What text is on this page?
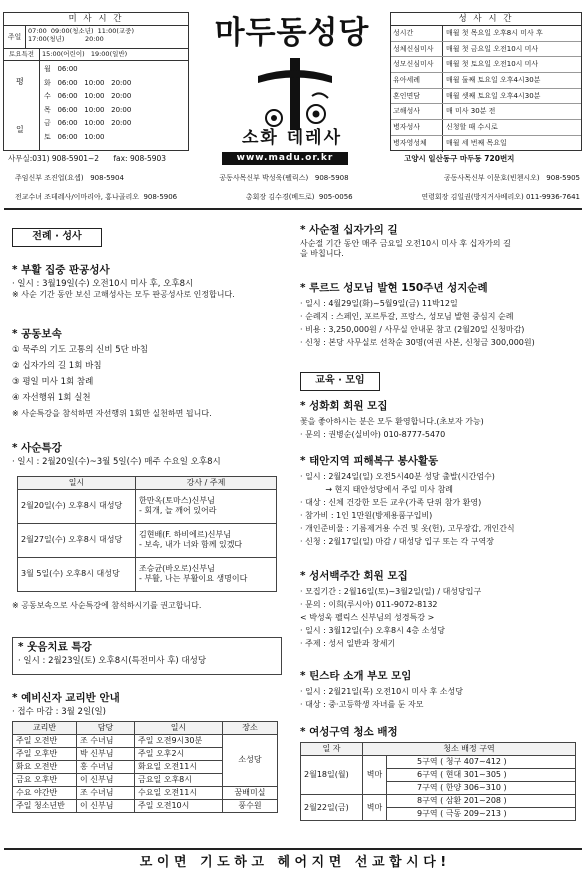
미 사 시 간
주일
07:00  09:00(청소년)  11:00(교중)
17:00(청년)          20:00
토요특전	15:00(어린이)   19:00(일반)
평
일
월 06:00
화 06:00   10:00   20:00
수 06:00   10:00   20:00
목 06:00   10:00   20:00
금 06:00   10:00   20:00
토 06:00   10:00
마두동성당
소화 데레사
www.madu.or.kr
성 사 시 간
성시간	매월 첫 목요일 오후8시 미사 후
성체신심미사	매월 첫 금요일 오전10시 미사
성모신심미사	매월 첫 토요일 오전10시 미사
유아세례	매월 둘째 토요일 오후4시30분
혼인면담	매월 셋째 토요일 오후4시30분
고해성사	매 미사 30분 전
병자성사	신청할 때 수시로
병자영성체	매월 세 번째 목요일
사무실:031) 908-5901~2      fax: 908-5903	고양시 일산동구 마두동 720번지
주임신부 조진업(요셉)   908-5904	공동사목신부 박성욱(펠릭스)   908-5908	공동사목신부 이문호(빈첸시오)   908-5905
전교수녀 조데레사/이마리아, 홍나골리오  908-5906	총회장 김수경(베드로)  905-0056	연령회장 김일권(방지거사베리오) 011-9936-7641
전례 · 성사
* 부활 집중 판공성사
· 일시 : 3월19일(수) 오전10시 미사 후, 오후8시
※ 사순 기간 동안 보신 고해성사는 모두 판공성사로 인정합니다.
* 공동보속
① 묵주의 기도 고통의 신비 5단 바침
② 십자가의 길 1회 바침
③ 평일 미사 1회 참례
④ 자선행위 1회 실천
※ 사순특강을 참석하면 자선행위 1회만 실천하면 됩니다.
* 사순특강
· 일시 : 2월20일(수)~3월 5일(수) 매주 수요일 오후8시
일시	강사 / 주제
2월20일(수) 오후8시 대성당	한만옥(토마스)신부님
- 회개, 늘 깨어 있어라

2월27일(수) 오후8시 대성당	김현배(F. 하비에르)신부님
- 보속, 내가 너와 함께 있겠다

3월 5일(수) 오후8시 대성당	조승균(바오로)신부님
- 부활, 나는 부활이요 생명이다
※ 공동보속으로 사순특강에 참석하시기를 권고합니다.
* 웃음치료 특강
· 일시 : 2월23일(토) 오후8시(특전미사 후) 대성당
* 예비신자 교리반 안내
· 접수 마감 : 3월 2일(일)
교리반	담당	일시	장소
주일 오전반	조 수녀님	주일 오전9시30분	소성당
주일 오후반	박 신부님	주일 오후2시	
화요 오전반	홍 수녀님	화요일 오전11시	
금요 오후반	이 신부님	금요일 오후8시	
수요 야간반	조 수녀님	수요일 오전11시	꿈배미실
주일 청소년반	이 신부님	주일 오전10시	풍수원
* 사순절 십자가의 길
사순절 기간 동안 매주 금요일 오전10시 미사 후 십자가의 길
을 바칩니다.
* 루르드 성모님 발현 150주년 성지순례
· 일시 : 4월29일(화)~5월9일(금) 11박12일
· 순례지 : 스페인, 포르투갈, 프랑스, 성모님 발현 중심지 순례
· 비용 : 3,250,000원 / 사무실 안내문 참고 (2월20일 신청마감)
· 신청 : 본당 사무실로 선착순 30명(여권 사본, 신청금 300,000원)
교육 · 모임
* 성화회 회원 모집
꽃을 좋아하시는 분은 모두 환영합니다.(초보자 가능)
· 문의 : 권병순(실비아) 010-8777-5470
* 태안지역 피해복구 봉사활동
· 일시 : 2월24일(일) 오전5시40분 성당 출발(시간엄수)
→ 현지 태안성당에서 주일 미사 참례
· 대상 : 신체 건강한 모든 교우(가족 단위 참가 환영)
· 참가비 : 1인 1만원(방제용품구입비)
· 개인준비물 : 기름제거용 수건 및 옷(헌), 고무장갑, 개인간식
· 신청 : 2월17일(일) 마감 / 대성당 입구 또는 각 구역장
* 성서백주간 회원 모집
· 모집기간 : 2월16일(토)~3월2일(일) / 대성당입구
· 문의 : 이희(루시아) 011-9072-8132
< 박성욱 펠릭스 신부님의 성경특강 >
· 일시 : 3월12일(수) 오후8시 4층 소성당
· 주제 : 성서 일반과 창세기
* 틴스타 소개 부모 모임
· 일시 : 2월21일(목) 오전10시 미사 후 소성당
· 대상 : 중·고등학생 자녀를 둔 자모
* 여성구역 청소 배정
일 자	청소 배정 구역	
2월18일(월)	벽마	5구역 ( 청구 407~412 )
		6구역 ( 현대 301~305 )
		7구역 ( 한양 306~310 )
2월22일(금)	벽마	8구역 ( 삼환 201~208 )
		9구역 ( 극동 209~213 )
모 이 면   기 도 하 고   헤 어 지 면   선 교 합 시 다 !
